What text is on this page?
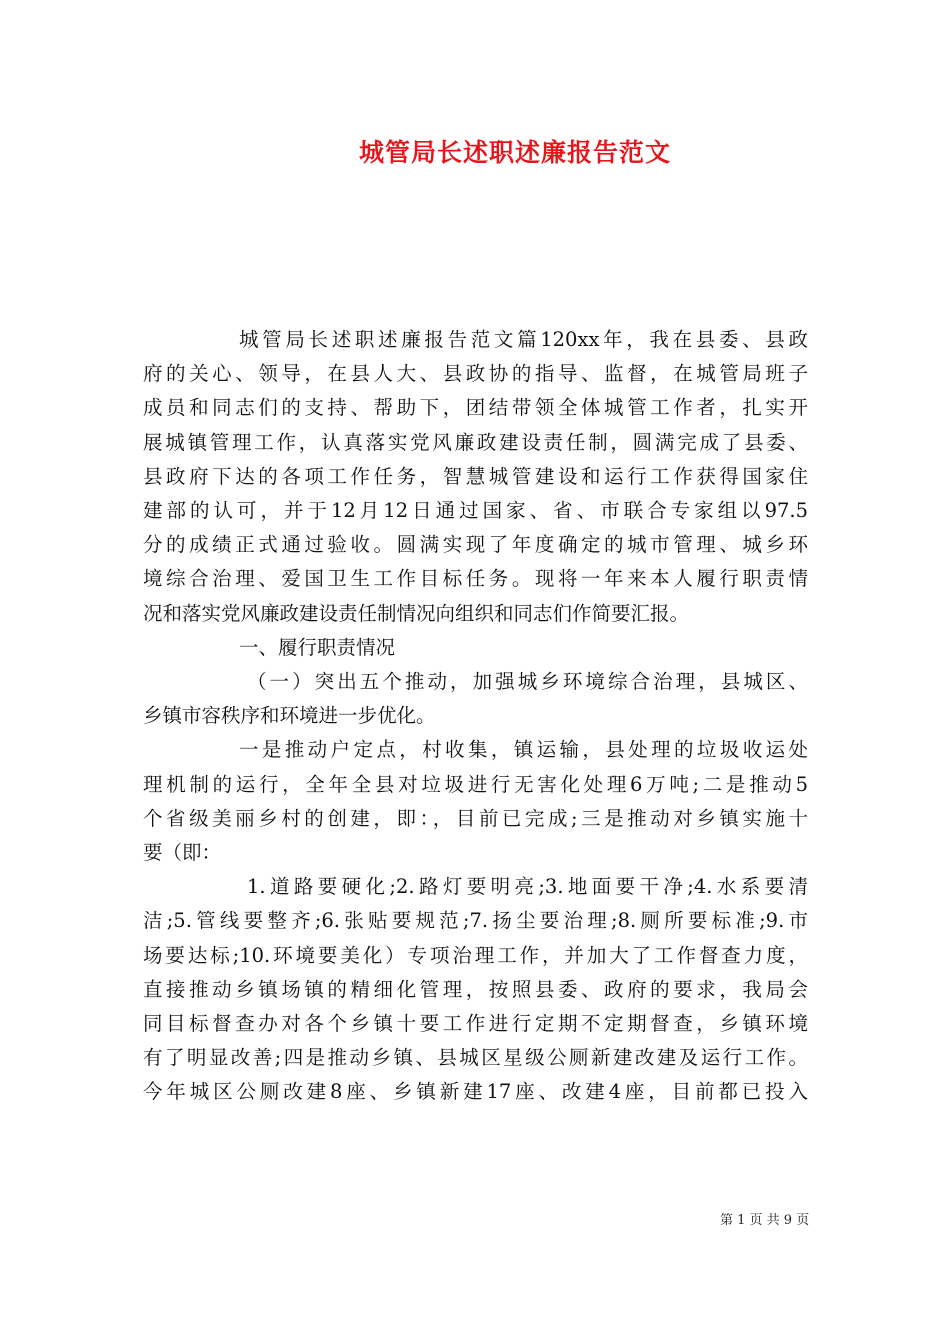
城管局长述职述廉报告范文
城管局长述职述廉报告范文篇120xx年，我在县委、县政
府的关心、领导，在县人大、县政协的指导、监督，在城管局班子
成员和同志们的支持、帮助下，团结带领全体城管工作者，扎实开
展城镇管理工作，认真落实党风廉政建设责任制，圆满完成了县委、
县政府下达的各项工作任务，智慧城管建设和运行工作获得国家住
建部的认可，并于12月12日通过国家、省、市联合专家组以97.5
分的成绩正式通过验收。圆满实现了年度确定的城市管理、城乡环
境综合治理、爱国卫生工作目标任务。现将一年来本人履行职责情
况和落实党风廉政建设责任制情况向组织和同志们作简要汇报。
一、履行职责情况
（一）突出五个推动，加强城乡环境综合治理，县城区、
乡镇市容秩序和环境进一步优化。
一是推动户定点，村收集，镇运输，县处理的垃圾收运处
理机制的运行，全年全县对垃圾进行无害化处理6万吨;二是推动5
个省级美丽乡村的创建，即：，目前已完成;三是推动对乡镇实施十
要（即：
1.道路要硬化;2.路灯要明亮;3.地面要干净;4.水系要清
洁;5.管线要整齐;6.张贴要规范;7.扬尘要治理;8.厕所要标准;9.市
场要达标;10.环境要美化）专项治理工作，并加大了工作督查力度，
直接推动乡镇场镇的精细化管理，按照县委、政府的要求，我局会
同目标督查办对各个乡镇十要工作进行定期不定期督查，乡镇环境
有了明显改善;四是推动乡镇、县城区星级公厕新建改建及运行工作。
今年城区公厕改建8座、乡镇新建17座、改建4座，目前都已投入
第 1 页 共 9 页
